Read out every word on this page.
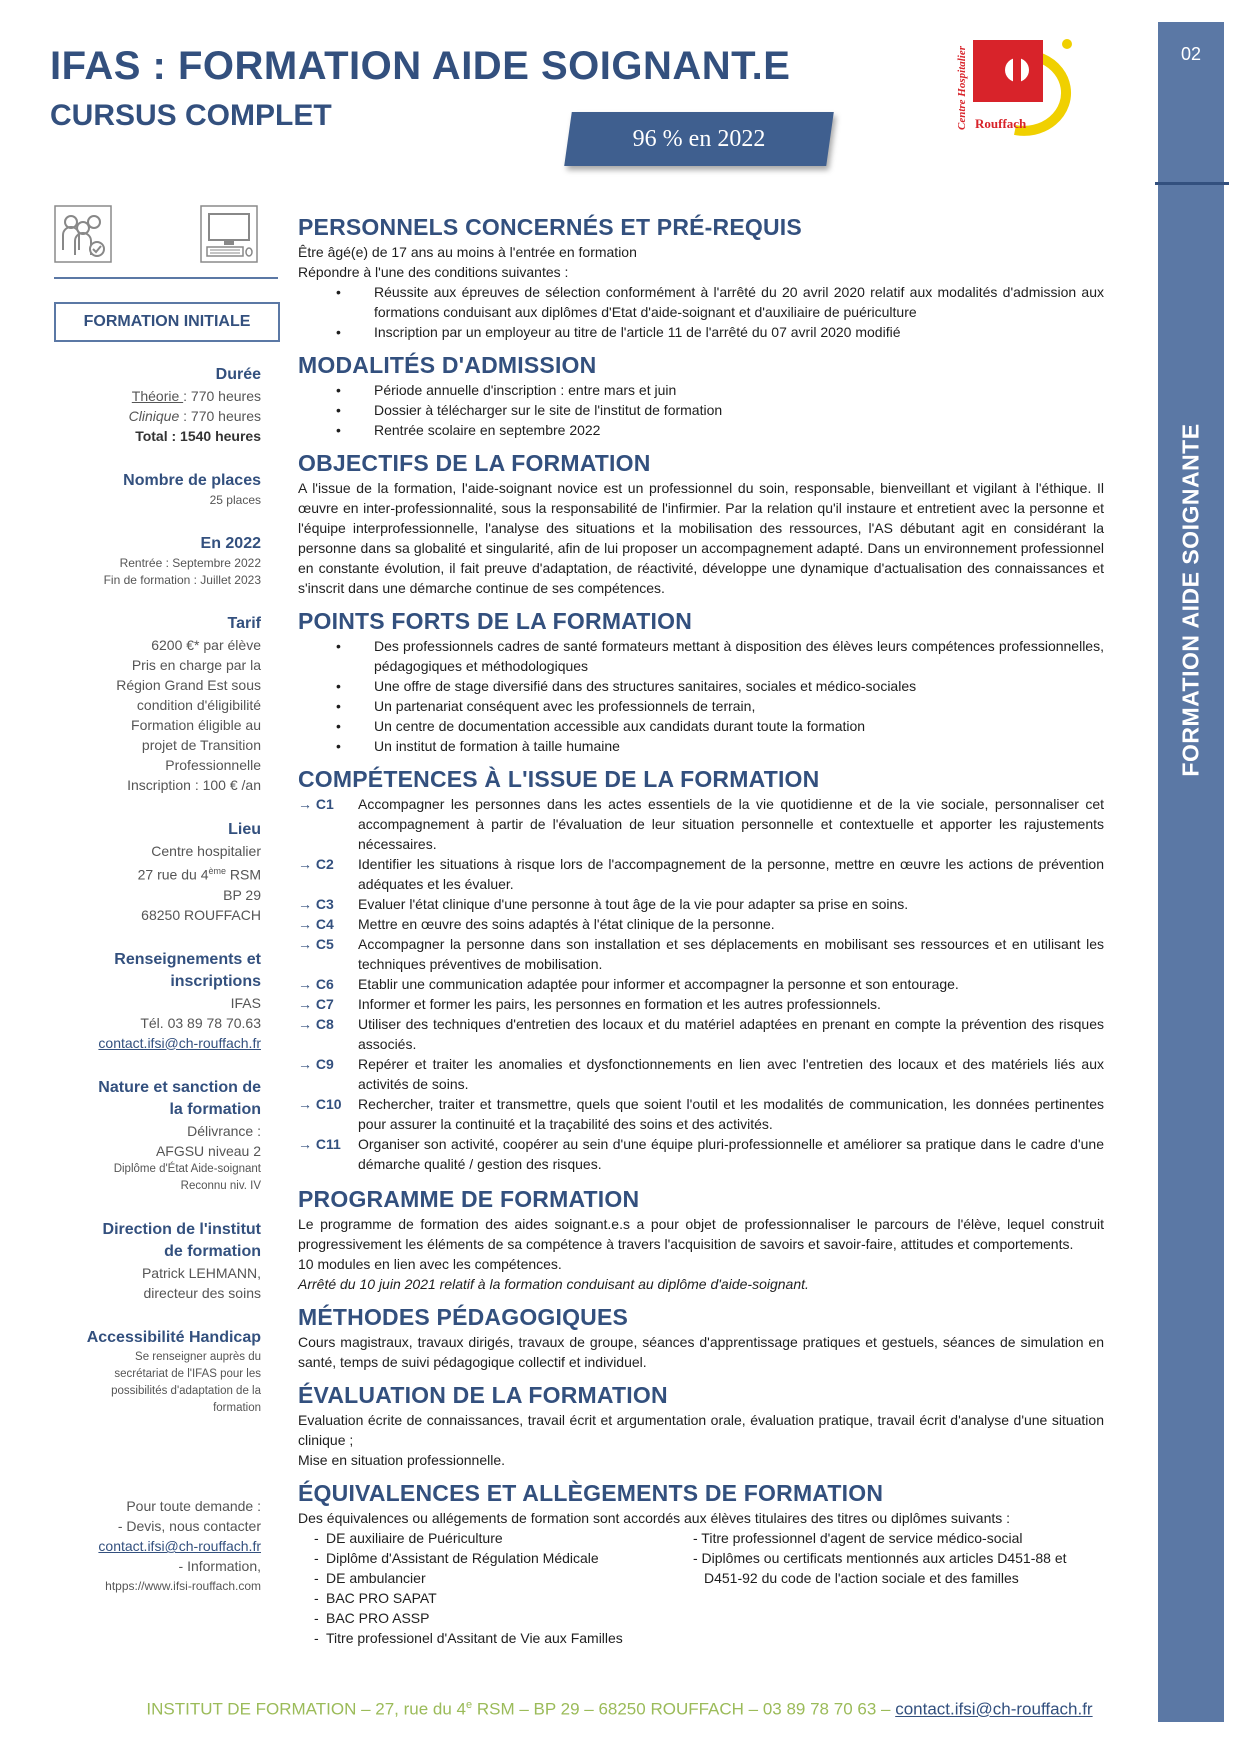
IFAS : FORMATION AIDE SOIGNANT.E
CURSUS COMPLET
96 % en 2022
Centre Hospitalier Rouffach
02
FORMATION AIDE SOIGNANTE
FORMATION INITIALE
Durée
Théorie : 770 heures
Clinique : 770 heures
Total : 1540 heures
Nombre de places
25 places
En 2022
Rentrée : Septembre 2022
Fin de formation : Juillet 2023
Tarif
6200 €* par élève
Pris en charge par la
Région Grand Est sous
condition d'éligibilité
Formation éligible au
projet de Transition
Professionnelle
Inscription : 100 € /an
Lieu
Centre hospitalier
27 rue du 4ème RSM
BP 29
68250 ROUFFACH
Renseignements et
inscriptions
IFAS
Tél. 03 89 78 70.63
contact.ifsi@ch-rouffach.fr
Nature et sanction de
la formation
Délivrance :
AFGSU niveau 2
Diplôme d'État Aide-soignant
Reconnu niv. IV
Direction de l'institut
de formation
Patrick LEHMANN,
directeur des soins
Accessibilité Handicap
Se renseigner auprès du
secrétariat de l'IFAS pour les
possibilités d'adaptation de la
formation
Pour toute demande :
- Devis, nous contacter
contact.ifsi@ch-rouffach.fr
- Information,
htpps://www.ifsi-rouffach.com
PERSONNELS CONCERNÉS ET PRÉ-REQUIS

Être âgé(e) de 17 ans au moins à l'entrée en formation

Répondre à l'une des conditions suivantes :

• Réussite aux épreuves de sélection conformément à l'arrêté du 20 avril 2020 relatif aux modalités d'admission aux formations conduisant aux diplômes d'Etat d'aide-soignant et d'auxiliaire de puériculture
• Inscription par un employeur au titre de l'article 11 de l'arrêté du 07 avril 2020 modifié
MODALITÉS D'ADMISSION
• Période annuelle d'inscription : entre mars et juin
• Dossier à télécharger sur le site de l'institut de formation
• Rentrée scolaire en septembre 2022
OBJECTIFS DE LA FORMATION

A l'issue de la formation, l'aide-soignant novice est un professionnel du soin, responsable, bienveillant et vigilant à l'éthique. Il œuvre en inter-professionnalité, sous la responsabilité de l'infirmier. Par la relation qu'il instaure et entretient avec la personne et l'équipe interprofessionnelle, l'analyse des situations et la mobilisation des ressources, l'AS débutant agit en considérant la personne dans sa globalité et singularité, afin de lui proposer un accompagnement adapté. Dans un environnement professionnel en constante évolution, il fait preuve d'adaptation, de réactivité, développe une dynamique d'actualisation des connaissances et s'inscrit dans une démarche continue de ses compétences.

POINTS FORTS DE LA FORMATION
• Des professionnels cadres de santé formateurs mettant à disposition des élèves leurs compétences professionnelles, pédagogiques et méthodologiques
• Une offre de stage diversifié dans des structures sanitaires, sociales et médico-sociales
• Un partenariat conséquent avec les professionnels de terrain,
• Un centre de documentation accessible aux candidats durant toute la formation
• Un institut de formation à taille humaine
COMPÉTENCES À L'ISSUE DE LA FORMATION
→ C1 Accompagner les personnes dans les actes essentiels de la vie quotidienne et de la vie sociale, personnaliser cet accompagnement à partir de l'évaluation de leur situation personnelle et contextuelle et apporter les rajustements nécessaires.
→ C2 Identifier les situations à risque lors de l'accompagnement de la personne, mettre en œuvre les actions de prévention adéquates et les évaluer.
→ C3 Evaluer l'état clinique d'une personne à tout âge de la vie pour adapter sa prise en soins.
→ C4 Mettre en œuvre des soins adaptés à l'état clinique de la personne.
→ C5 Accompagner la personne dans son installation et ses déplacements en mobilisant ses ressources et en utilisant les techniques préventives de mobilisation.
→ C6 Etablir une communication adaptée pour informer et accompagner la personne et son entourage.
→ C7 Informer et former les pairs, les personnes en formation et les autres professionnels.
→ C8 Utiliser des techniques d'entretien des locaux et du matériel adaptées en prenant en compte la prévention des risques associés.
→ C9 Repérer et traiter les anomalies et dysfonctionnements en lien avec l'entretien des locaux et des matériels liés aux activités de soins.
→ C10 Rechercher, traiter et transmettre, quels que soient l'outil et les modalités de communication, les données pertinentes pour assurer la continuité et la traçabilité des soins et des activités.
→ C11 Organiser son activité, coopérer au sein d'une équipe pluri-professionnelle et améliorer sa pratique dans le cadre d'une démarche qualité / gestion des risques.
PROGRAMME DE FORMATION

Le programme de formation des aides soignant.e.s a pour objet de professionnaliser le parcours de l'élève, lequel construit progressivement les éléments de sa compétence à travers l'acquisition de savoirs et savoir-faire, attitudes et comportements.

10 modules en lien avec les compétences.

Arrêté du 10 juin 2021 relatif à la formation conduisant au diplôme d'aide-soignant.

MÉTHODES PÉDAGOGIQUES

Cours magistraux, travaux dirigés, travaux de groupe, séances d'apprentissage pratiques et gestuels, séances de simulation en santé, temps de suivi pédagogique collectif et individuel.

ÉVALUATION DE LA FORMATION

Evaluation écrite de connaissances, travail écrit et argumentation orale, évaluation pratique, travail écrit d'analyse d'une situation clinique ;

Mise en situation professionnelle.

ÉQUIVALENCES ET ALLÈGEMENTS DE FORMATION

Des équivalences ou allégements de formation sont accordés aux élèves titulaires des titres ou diplômes suivants :

- DE auxiliaire de Puériculture
- Diplôme d'Assistant de Régulation Médicale
- DE ambulancier
- BAC PRO SAPAT
- BAC PRO ASSP
- Titre professionel d'Assitant de Vie aux Familles
- Titre professionnel d'agent de service médico-social
- Diplômes ou certificats mentionnés aux articles D451-88 et
D451-92 du code de l'action sociale et des familles
INSTITUT DE FORMATION – 27, rue du 4e RSM – BP 29 – 68250 ROUFFACH – 03 89 78 70 63 – contact.ifsi@ch-rouffach.fr
